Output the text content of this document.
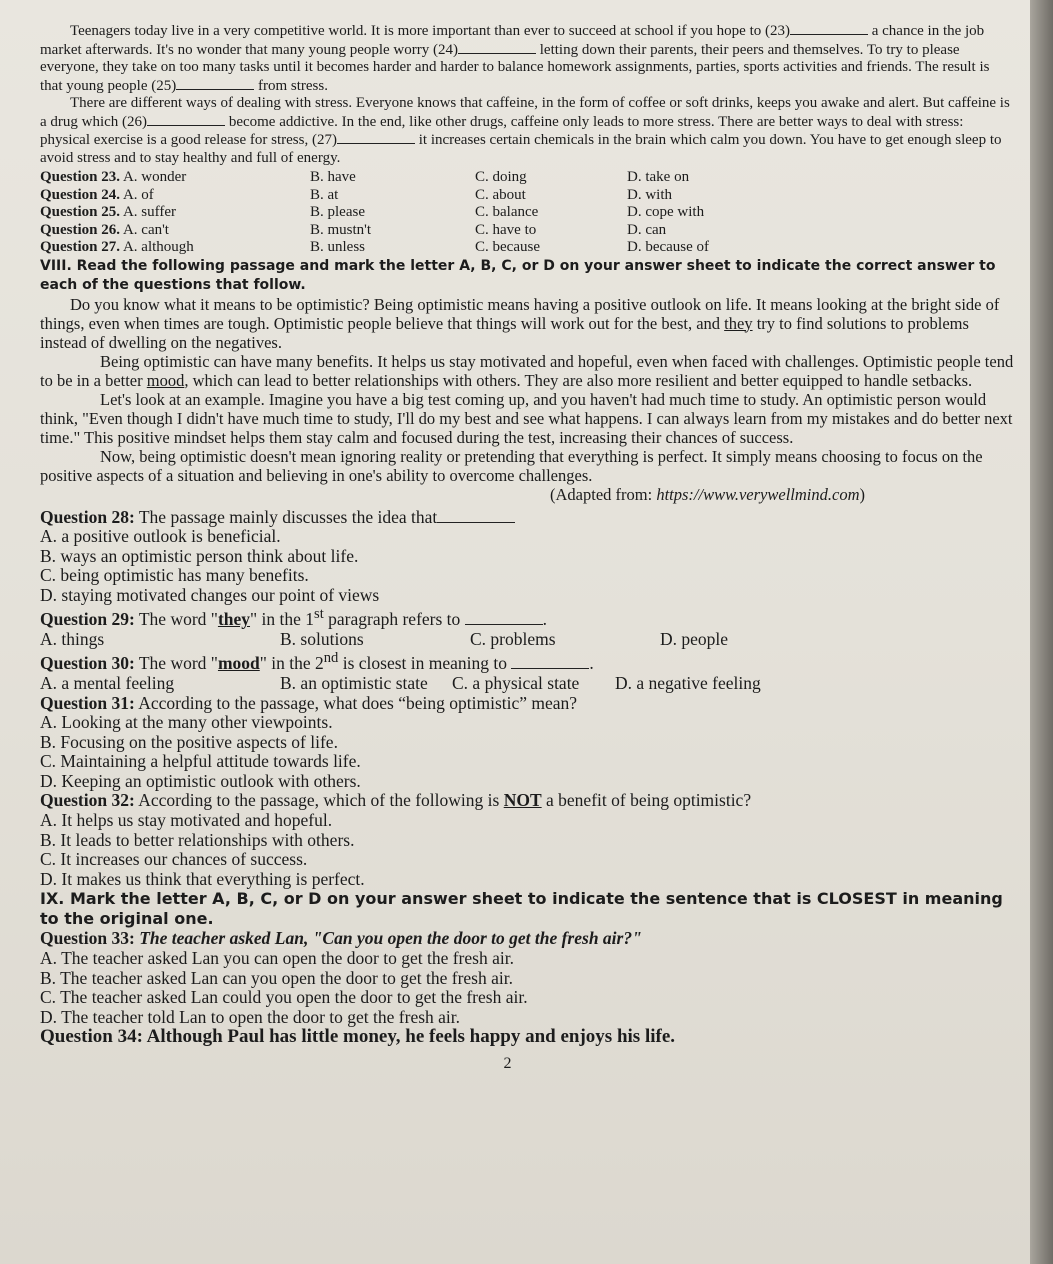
Teenagers today live in a very competitive world. It is more important than ever to succeed at school if you hope to (23)	a chance in the job market afterwards. It's no wonder that many young people worry (24)	letting down their parents, their peers and themselves. To try to please everyone, they take on too many tasks until it becomes harder and harder to balance homework assignments, parties, sports activities and friends. The result is that young people (25)	from stress.

There are different ways of dealing with stress. Everyone knows that caffeine, in the form of coffee or soft drinks, keeps you awake and alert. But caffeine is a drug which (26)	become addictive. In the end, like other drugs, caffeine only leads to more stress. There are better ways to deal with stress: physical exercise is a good release for stress, (27)	it increases certain chemicals in the brain which calm you down. You have to get enough sleep to avoid stress and to stay healthy and full of energy.

Question 23. A. wonder	B. have	C. doing	D. take on
Question 24. A. of	B. at	C. about	D. with
Question 25. A. suffer	B. please	C. balance	D. cope with
Question 26. A. can't	B. mustn't	C. have to	D. can
Question 27. A. although	B. unless	C. because	D. because of

VIII. Read the following passage and mark the letter A, B, C, or D on your answer sheet to indicate the correct answer to each of the questions that follow.

Do you know what it means to be optimistic? Being optimistic means having a positive outlook on life. It means looking at the bright side of things, even when times are tough. Optimistic people believe that things will work out for the best, and they try to find solutions to problems instead of dwelling on the negatives.

Being optimistic can have many benefits. It helps us stay motivated and hopeful, even when faced with challenges. Optimistic people tend to be in a better mood, which can lead to better relationships with others. They are also more resilient and better equipped to handle setbacks.

Let's look at an example. Imagine you have a big test coming up, and you haven't had much time to study. An optimistic person would think, "Even though I didn't have much time to study, I'll do my best and see what happens. I can always learn from my mistakes and do better next time." This positive mindset helps them stay calm and focused during the test, increasing their chances of success.

Now, being optimistic doesn't mean ignoring reality or pretending that everything is perfect. It simply means choosing to focus on the positive aspects of a situation and believing in one's ability to overcome challenges.

(Adapted from: https://www.verywellmind.com)

Question 28: The passage mainly discusses the idea that

A. a positive outlook is beneficial.

B. ways an optimistic person think about life.

C. being optimistic has many benefits.

D. staying motivated changes our point of views

Question 29: The word "they" in the 1st paragraph refers to	.

A. things	B. solutions	C. problems	D. people

Question 30: The word "mood" in the 2nd is closest in meaning to	.

A. a mental feeling	B. an optimistic state	C. a physical state	D. a negative feeling

Question 31: According to the passage, what does “being optimistic” mean?

A. Looking at the many other viewpoints.

B. Focusing on the positive aspects of life.

C. Maintaining a helpful attitude towards life.

D. Keeping an optimistic outlook with others.

Question 32: According to the passage, which of the following is NOT a benefit of being optimistic?

A. It helps us stay motivated and hopeful.

B. It leads to better relationships with others.

C. It increases our chances of success.

D. It makes us think that everything is perfect.

IX. Mark the letter A, B, C, or D on your answer sheet to indicate the sentence that is CLOSEST in meaning to the original one.

Question 33: The teacher asked Lan, "Can you open the door to get the fresh air?"

A. The teacher asked Lan you can open the door to get the fresh air.

B. The teacher asked Lan can you open the door to get the fresh air.

C. The teacher asked Lan could you open the door to get the fresh air.

D. The teacher told Lan to open the door to get the fresh air.

Question 34: Although Paul has little money, he feels happy and enjoys his life.

2
